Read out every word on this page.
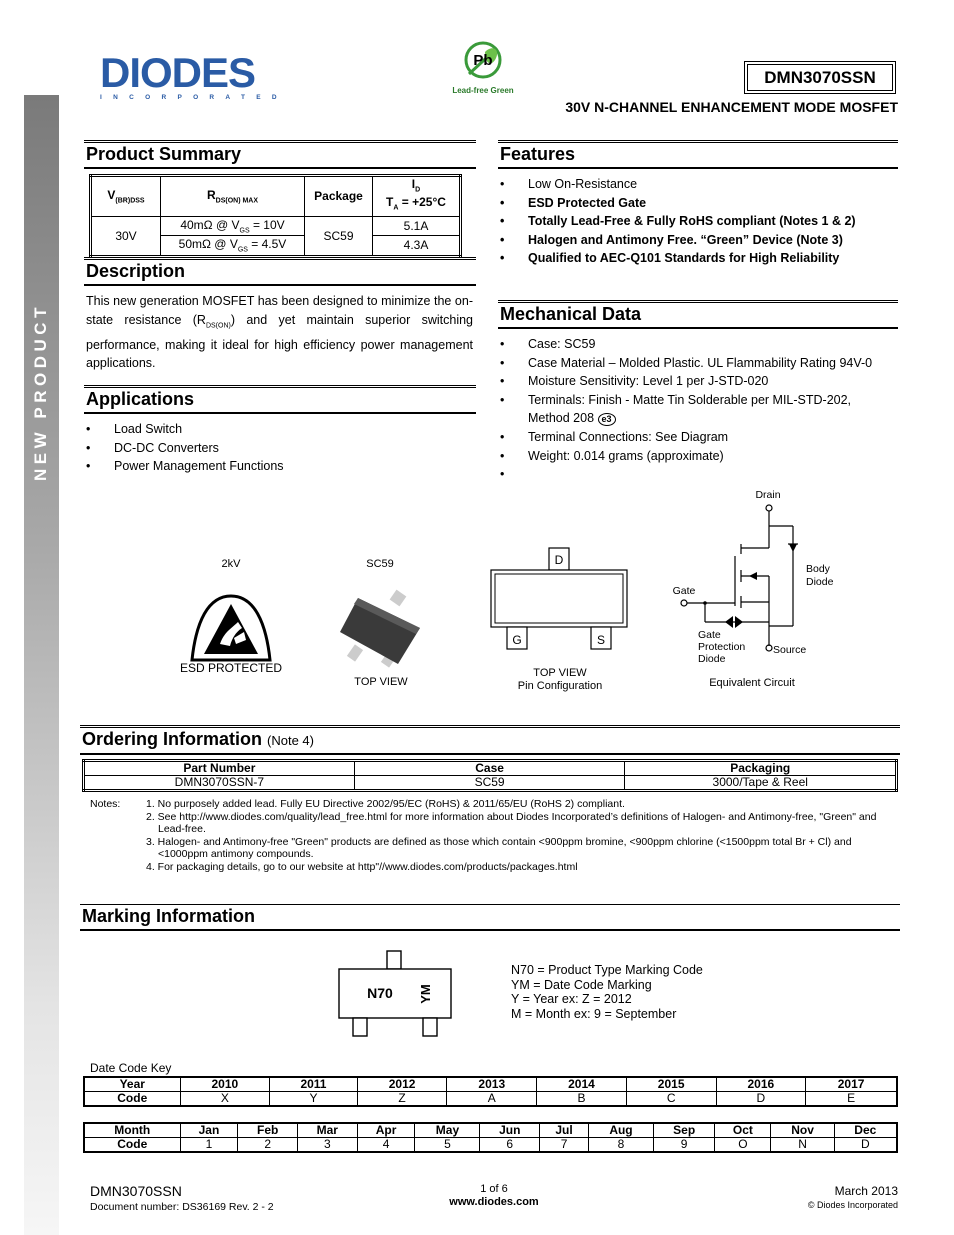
NEW PRODUCT
DIODES
INCORPORATED
Pb
Lead-free Green
DMN3070SSN
30V N-CHANNEL ENHANCEMENT MODE MOSFET
Product Summary
$V_{(BR)DSS}$	$R_{DS(ON) MAX}$	Package	$I_D$
$T_A = +25^\circ C$
30V	40mΩ @ $V_{GS} = 10V$	SC59	5.1A
	50mΩ @ $V_{GS} = 4.5V$		4.3A
Description
This new generation MOSFET has been designed to minimize the on-state resistance $(R_{DS(ON)})$ and yet maintain superior switching performance, making it ideal for high efficiency power management applications.
Applications
• Load Switch
• DC-DC Converters
• Power Management Functions
Features
• Low On-Resistance
• ESD Protected Gate
• Totally Lead-Free & Fully RoHS compliant (Notes 1 & 2)
• Halogen and Antimony Free. “Green” Device (Note 3)
• Qualified to AEC-Q101 Standards for High Reliability
Mechanical Data
• Case: SC59
• Case Material – Molded Plastic. UL Flammability Rating 94V-0
• Moisture Sensitivity: Level 1 per J-STD-020
• Terminals: Finish - Matte Tin Solderable per MIL-STD-202, Method 208 e3
• Terminal Connections: See Diagram
• Weight: 0.014 grams (approximate)
•
2kV
ESD PROTECTED
SC59
TOP VIEW
D
G	S
TOP VIEW
Pin Configuration
Drain
Gate
Body
Diode
Gate
Protection
Diode
Source
Equivalent Circuit
Ordering Information (Note 4)
Part Number	Case	Packaging
DMN3070SSN-7	SC59	3000/Tape & Reel
Notes: 1. No purposely added lead. Fully EU Directive 2002/95/EC (RoHS) & 2011/65/EU (RoHS 2) compliant.
2. See http://www.diodes.com/quality/lead_free.html for more information about Diodes Incorporated’s definitions of Halogen- and Antimony-free, "Green" and Lead-free.
3. Halogen- and Antimony-free "Green" products are defined as those which contain <900ppm bromine, <900ppm chlorine (<1500ppm total Br + Cl) and <1000ppm antimony compounds.
4. For packaging details, go to our website at http"//www.diodes.com/products/packages.html
Marking Information
N70 YM
N70 = Product Type Marking Code
YM = Date Code Marking
Y = Year ex: Z = 2012
M = Month ex: 9 = September
Date Code Key
Year	2010	2011	2012	2013	2014	2015	2016	2017
Code	X	Y	Z	A	B	C	D	E
Month	Jan	Feb	Mar	Apr	May	Jun	Jul	Aug	Sep	Oct	Nov	Dec
Code	1	2	3	4	5	6	7	8	9	O	N	D
DMN3070SSN
Document number: DS36169 Rev. 2 - 2
1 of 6
www.diodes.com
March 2013
© Diodes Incorporated
